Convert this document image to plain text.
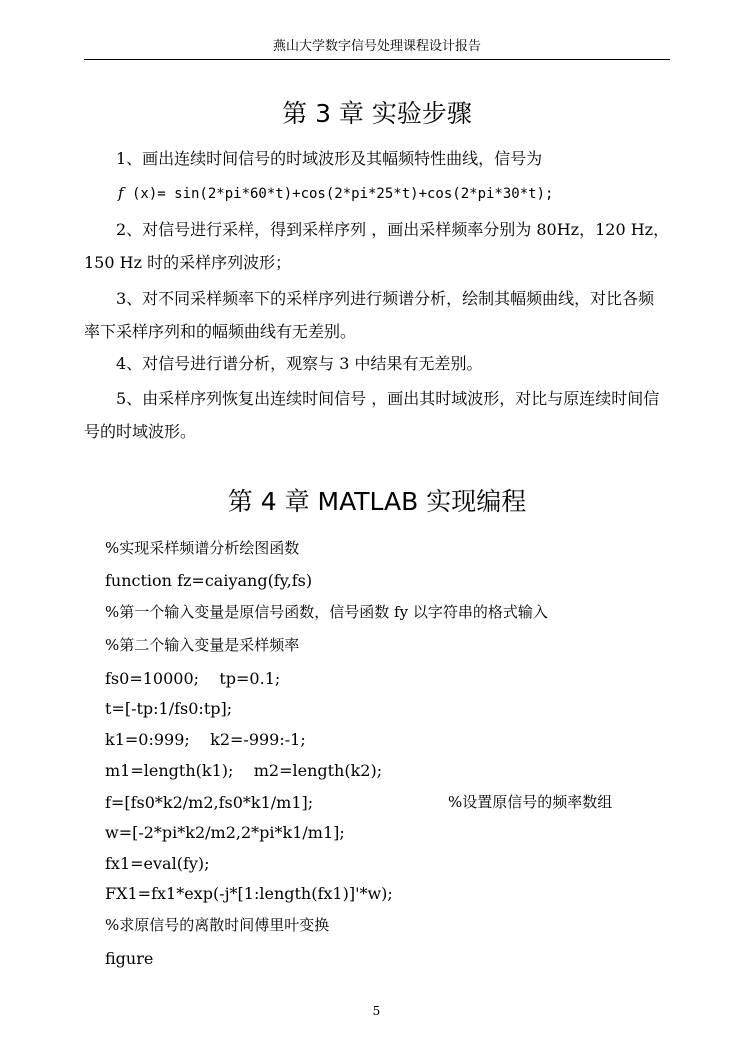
燕山大学数字信号处理课程设计报告
第 3 章 实验步骤

1、画出连续时间信号的时域波形及其幅频特性曲线，信号为

f (x)= sin(2*pi*60*t)+cos(2*pi*25*t)+cos(2*pi*30*t);

2、对信号进行采样，得到采样序列 ，画出采样频率分别为 80Hz，120 Hz，150 Hz 时的采样序列波形；

3、对不同采样频率下的采样序列进行频谱分析，绘制其幅频曲线，对比各频率下采样序列和的幅频曲线有无差别。

4、对信号进行谱分析，观察与 3 中结果有无差别。

5、由采样序列恢复出连续时间信号 ，画出其时域波形，对比与原连续时间信号的时域波形。

第 4 章 MATLAB 实现编程
%实现采样频谱分析绘图函数
function fz=caiyang(fy,fs)
%第一个输入变量是原信号函数，信号函数 fy 以字符串的格式输入
%第二个输入变量是采样频率
fs0=10000;    tp=0.1;
t=[-tp:1/fs0:tp];
k1=0:999;    k2=-999:-1;
m1=length(k1);    m2=length(k2);
f=[fs0*k2/m2,fs0*k1/m1];	%设置原信号的频率数组
w=[-2*pi*k2/m2,2*pi*k1/m1];
fx1=eval(fy);
FX1=fx1*exp(-j*[1:length(fx1)]'*w);
%求原信号的离散时间傅里叶变换
figure
5
